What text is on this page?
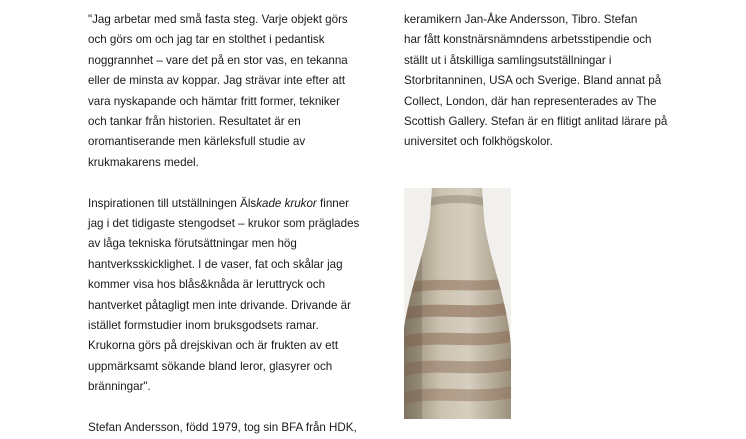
"Jag arbetar med små fasta steg. Varje objekt görs

och görs om och jag tar en stolthet i pedantisk

noggrannhet – vare det på en stor vas, en tekanna

eller de minsta av koppar. Jag strävar inte efter att

vara nyskapande och hämtar fritt former, tekniker

och tankar från historien. Resultatet är en

oromantiserande men kärleksfull studie av

krukmakarens medel.

Inspirationen till utställningen Älskade krukor finner

jag i det tidigaste stengodset – krukor som präglades

av låga tekniska förutsättningar men hög

hantverksskicklighet. I de vaser, fat och skålar jag

kommer visa hos blås&knåda är leruttryck och

hantverket påtagligt men inte drivande. Drivande är

istället formstudier inom bruksgodsets ramar.

Krukorna görs på drejskivan och är frukten av ett

uppmärksamt sökande bland leror, glasyrer och

bränningar".

Stefan Andersson, född 1979, tog sin BFA från HDK,

keramikern Jan-Åke Andersson, Tibro. Stefan

har fått konstnärsnämndens arbetsstipendie och

ställt ut i åtskilliga samlingsutställningar i

Storbritanninen, USA och Sverige. Bland annat på

Collect, London, där han representerades av The

Scottish Gallery. Stefan är en flitigt anlitad lärare på

universitet och folkhögskolor.
